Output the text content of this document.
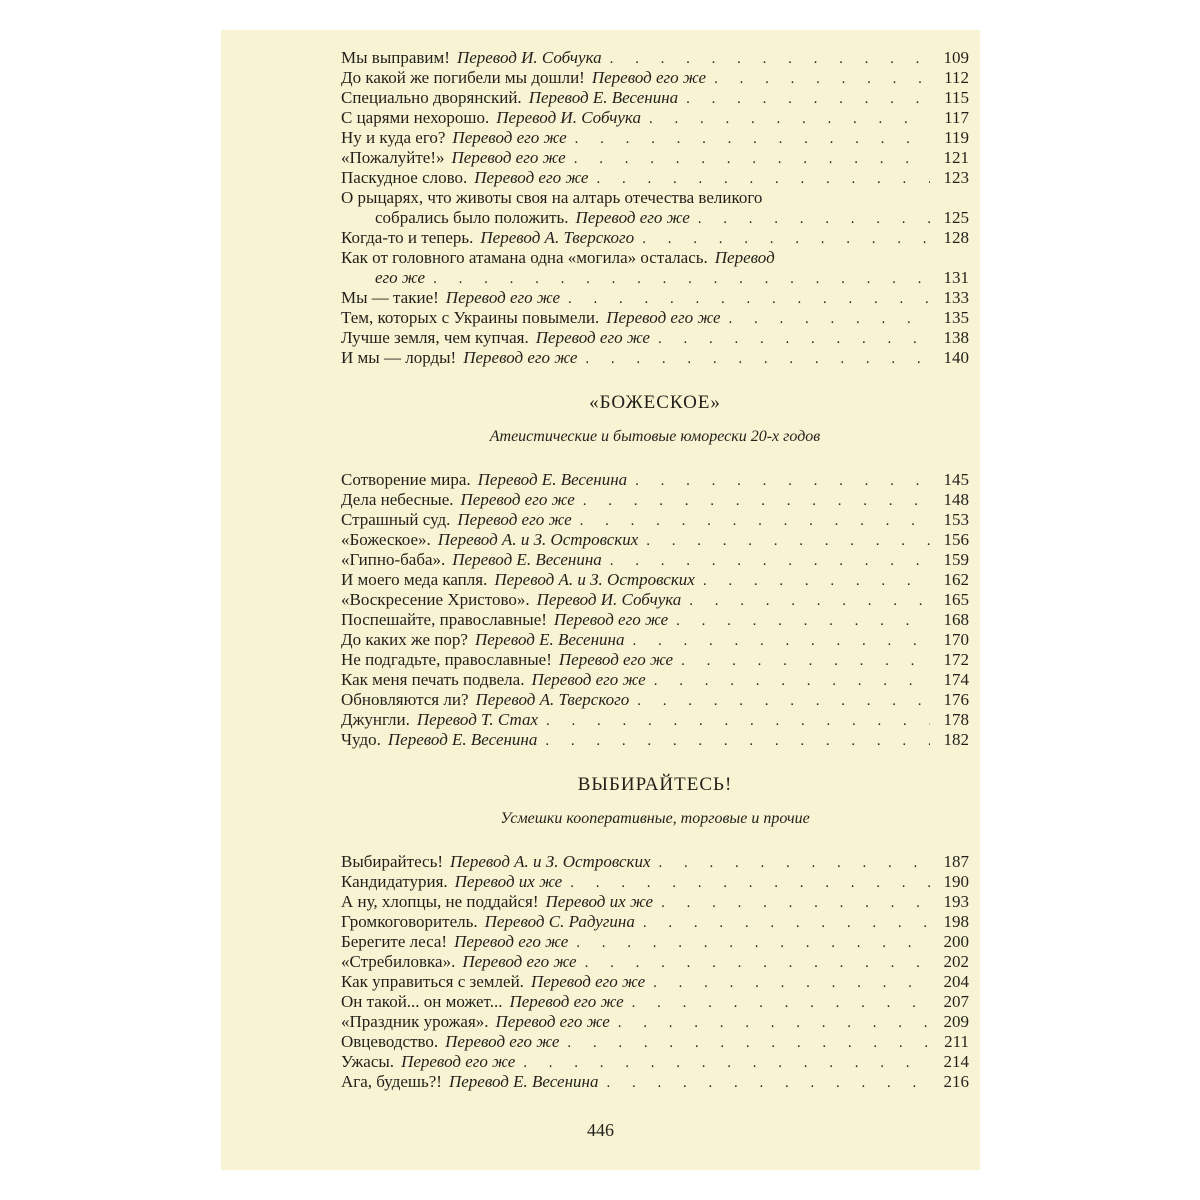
Мы выправим! Перевод И. Собчука . . .	109
До какой же погибели мы дошли! Перевод его же . . .	112
Специально дворянский. Перевод Е. Весенина . . .	115
С царями нехорошо. Перевод И. Собчука . . .	117
Ну и куда его? Перевод его же . . .	119
«Пожалуйте!» Перевод его же . . .	121
Паскудное слово. Перевод его же . . .	123
О рыцарях, что животы своя на алтарь отечества великого
собрались было положить. Перевод его же . . .	125
Когда-то и теперь. Перевод А. Тверского . . .	128
Как от головного атамана одна «могила» осталась. Перевод
его же . . .	131
Мы — такие! Перевод его же . . .	133
Тем, которых с Украины повымели. Перевод его же . . .	135
Лучше земля, чем купчая. Перевод его же . . .	138
И мы — лорды! Перевод его же . . .	140
«БОЖЕСКОЕ»
Атеистические и бытовые юморески 20-х годов
Сотворение мира. Перевод Е. Весенина . . .	145
Дела небесные. Перевод его же . . .	148
Страшный суд. Перевод его же . . .	153
«Божеское». Перевод А. и З. Островских . . .	156
«Гипно-баба». Перевод Е. Весенина . . .	159
И моего меда капля. Перевод А. и З. Островских . . .	162
«Воскресение Христово». Перевод И. Собчука . . .	165
Поспешайте, православные! Перевод его же . . .	168
До каких же пор? Перевод Е. Весенина . . .	170
Не подгадьте, православные! Перевод его же . . .	172
Как меня печать подвела. Перевод его же . . .	174
Обновляются ли? Перевод А. Тверского . . .	176
Джунгли. Перевод Т. Стах . . .	178
Чудо. Перевод Е. Весенина . . .	182
ВЫБИРАЙТЕСЬ!
Усмешки кооперативные, торговые и прочие
Выбирайтесь! Перевод А. и З. Островских . . .	187
Кандидатурия. Перевод их же . . .	190
А ну, хлопцы, не поддайся! Перевод их же . . .	193
Громкоговоритель. Перевод С. Радугина . . .	198
Берегите леса! Перевод его же . . .	200
«Стребиловка». Перевод его же . . .	202
Как управиться с землей. Перевод его же . . .	204
Он такой... он может... Перевод его же . . .	207
«Праздник урожая». Перевод его же . . .	209
Овцеводство. Перевод его же . . .	211
Ужасы. Перевод его же . . .	214
Ага, будешь?! Перевод Е. Весенина . . .	216
446
